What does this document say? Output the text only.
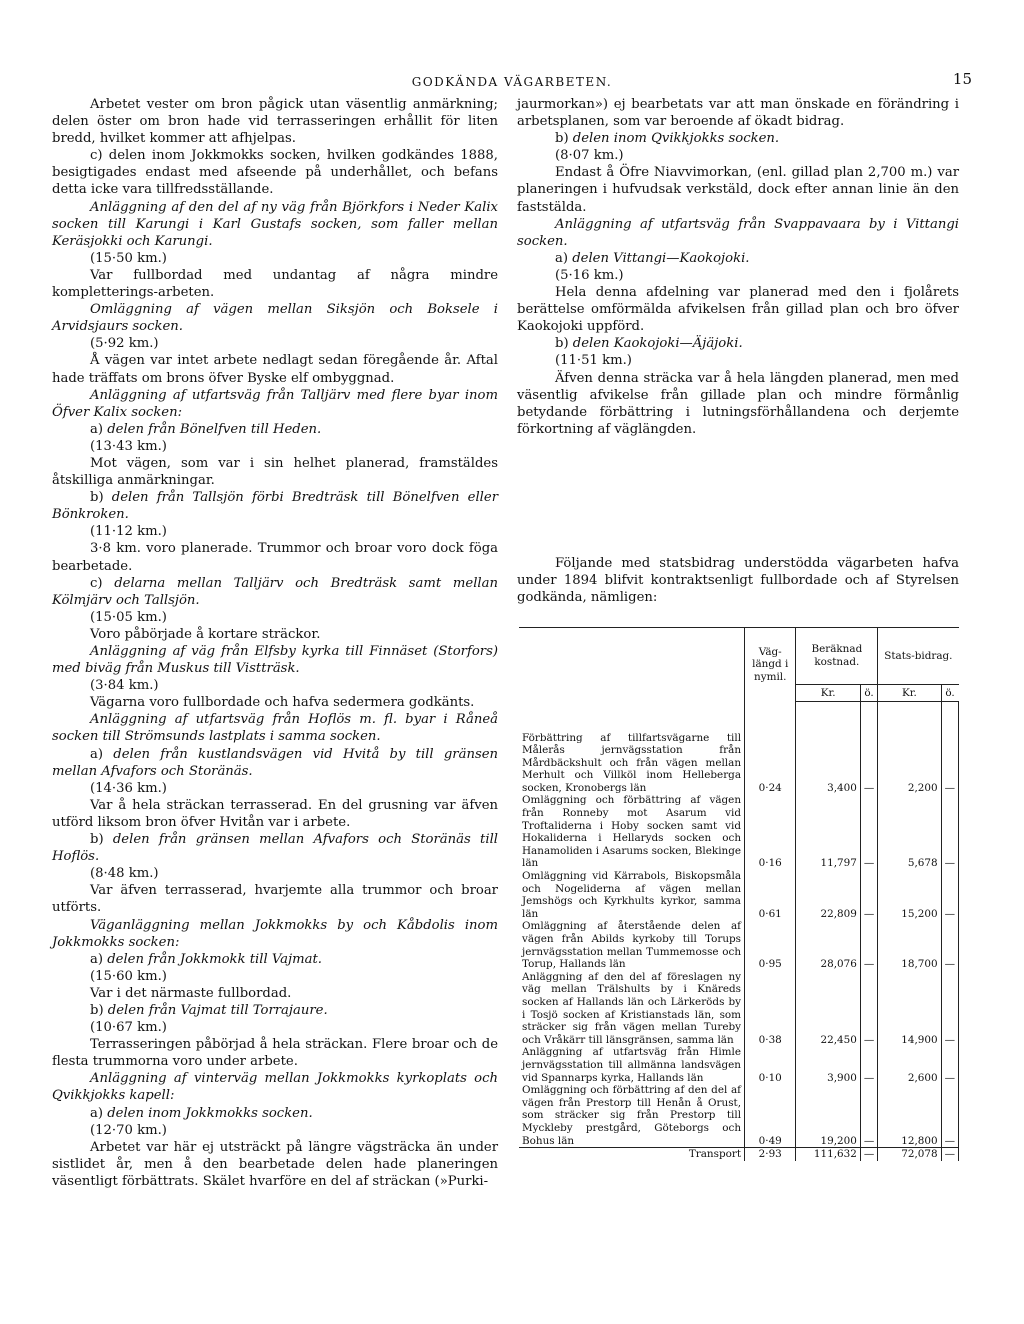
GODKÄNDA VÄGARBETEN.	15

Arbetet vester om bron pågick utan väsentlig anmärkning; delen öster om bron hade vid terrasseringen erhållit för liten bredd, hvilket kommer att afhjelpas.

c) delen inom Jokkmokks socken, hvilken godkändes 1888, besigtigades endast med afseende på underhållet, och befans detta icke vara tillfredsställande.

Anläggning af den del af ny väg från Björkfors i Neder Kalix socken till Karungi i Karl Gustafs socken, som faller mellan Keräsjokki och Karungi.

(15·50 km.)

Var fullbordad med undantag af några mindre kompletterings-arbeten.

Omläggning af vägen mellan Siksjön och Boksele i Arvidsjaurs socken.

(5·92 km.)

Å vägen var intet arbete nedlagt sedan föregående år. Aftal hade träffats om brons öfver Byske elf ombyggnad.

Anläggning af utfartsväg från Talljärv med flere byar inom Öfver Kalix socken:

a) delen från Bönelfven till Heden.

(13·43 km.)

Mot vägen, som var i sin helhet planerad, framstäldes åtskilliga anmärkningar.

b) delen från Tallsjön förbi Bredträsk till Bönelfven eller Bönkroken.

(11·12 km.)

3·8 km. voro planerade. Trummor och broar voro dock föga bearbetade.

c) delarna mellan Talljärv och Bredträsk samt mellan Kölmjärv och Tallsjön.

(15·05 km.)

Voro påbörjade å kortare sträckor.

Anläggning af väg från Elfsby kyrka till Finnäset (Storfors) med biväg från Muskus till Vistträsk.

(3·84 km.)

Vägarna voro fullbordade och hafva sedermera godkänts.

Anläggning af utfartsväg från Hoflös m. fl. byar i Råneå socken till Strömsunds lastplats i samma socken.

a) delen från kustlandsvägen vid Hvitå by till gränsen mellan Afvafors och Storänäs.

(14·36 km.)

Var å hela sträckan terrasserad. En del grusning var äfven utförd liksom bron öfver Hvitån var i arbete.

b) delen från gränsen mellan Afvafors och Storänäs till Hoflös.

(8·48 km.)

Var äfven terrasserad, hvarjemte alla trummor och broar utförts.

Väganläggning mellan Jokkmokks by och Kåbdolis inom Jokkmokks socken:

a) delen från Jokkmokk till Vajmat.

(15·60 km.)

Var i det närmaste fullbordad.

b) delen från Vajmat till Torrajaure.

(10·67 km.)

Terrasseringen påbörjad å hela sträckan. Flere broar och de flesta trummorna voro under arbete.

Anläggning af vinterväg mellan Jokkmokks kyrkoplats och Qvikkjokks kapell:

a) delen inom Jokkmokks socken.

(12·70 km.)

Arbetet var här ej utsträckt på längre vägsträcka än under sistlidet år, men å den bearbetade delen hade planeringen väsentligt förbättrats. Skälet hvarföre en del af sträckan (»Purki-

jaurmorkan») ej bearbetats var att man önskade en förändring i arbetsplanen, som var beroende af ökadt bidrag.

b) delen inom Qvikkjokks socken.

(8·07 km.)

Endast å Öfre Niavvimorkan, (enl. gillad plan 2,700 m.) var planeringen i hufvudsak verkstäld, dock efter annan linie än den faststälda.

Anläggning af utfartsväg från Svappavaara by i Vittangi socken.

a) delen Vittangi—Kaokojoki.

(5·16 km.)

Hela denna afdelning var planerad med den i fjolårets berättelse omförmälda afvikelsen från gillad plan och bro öfver Kaokojoki uppförd.

b) delen Kaokojoki—Äjäjoki.

(11·51 km.)

Äfven denna sträcka var å hela längden planerad, men med väsentlig afvikelse från gillade plan och mindre förmånlig betydande förbättring i lutningsförhållandena och derjemte förkortning af väglängden.

Följande med statsbidrag understödda vägarbeten hafva under 1894 blifvit kontraktsenligt fullbordade och af Styrelsen godkända, nämligen:
	Väg-längd i nymil.	Beräknad kostnad.		Stats-bidrag.	
		Kr.	ö.	Kr.	ö.
Förbättring af tillfartsvägarne till Målerås jernvägsstation från Mårdbäckshult och från vägen mellan Merhult och Villköl inom Helleberga socken, Kronobergs län	0·24	3,400	—	2,200	—
Omläggning och förbättring af vägen från Ronneby mot Asarum vid Troftaliderna i Hoby socken samt vid Hokaliderna i Hellaryds socken och Hanamoliden i Asarums socken, Blekinge län	0·16	11,797	—	5,678	—
Omläggning vid Kärrabols, Biskopsmåla och Nogeliderna af vägen mellan Jemshögs och Kyrkhults kyrkor, samma län	0·61	22,809	—	15,200	—
Omläggning af återstående delen af vägen från Abilds kyrkoby till Torups jernvägsstation mellan Tummemosse och Torup, Hallands län	0·95	28,076	—	18,700	—
Anläggning af den del af föreslagen ny väg mellan Trälshults by i Knäreds socken af Hallands län och Lärkeröds by i Tosjö socken af Kristianstads län, som sträcker sig från vägen mellan Tureby och Vråkärr till länsgränsen, samma län	0·38	22,450	—	14,900	—
Anläggning af utfartsväg från Himle jernvägsstation till allmänna landsvägen vid Spannarps kyrka, Hallands län	0·10	3,900	—	2,600	—
Omläggning och förbättring af den del af vägen från Prestorp till Henån å Orust, som sträcker sig från Prestorp till Myckleby prestgård, Göteborgs och Bohus län	0·49	19,200	—	12,800	—
Transport	2·93	111,632	—	72,078	—
